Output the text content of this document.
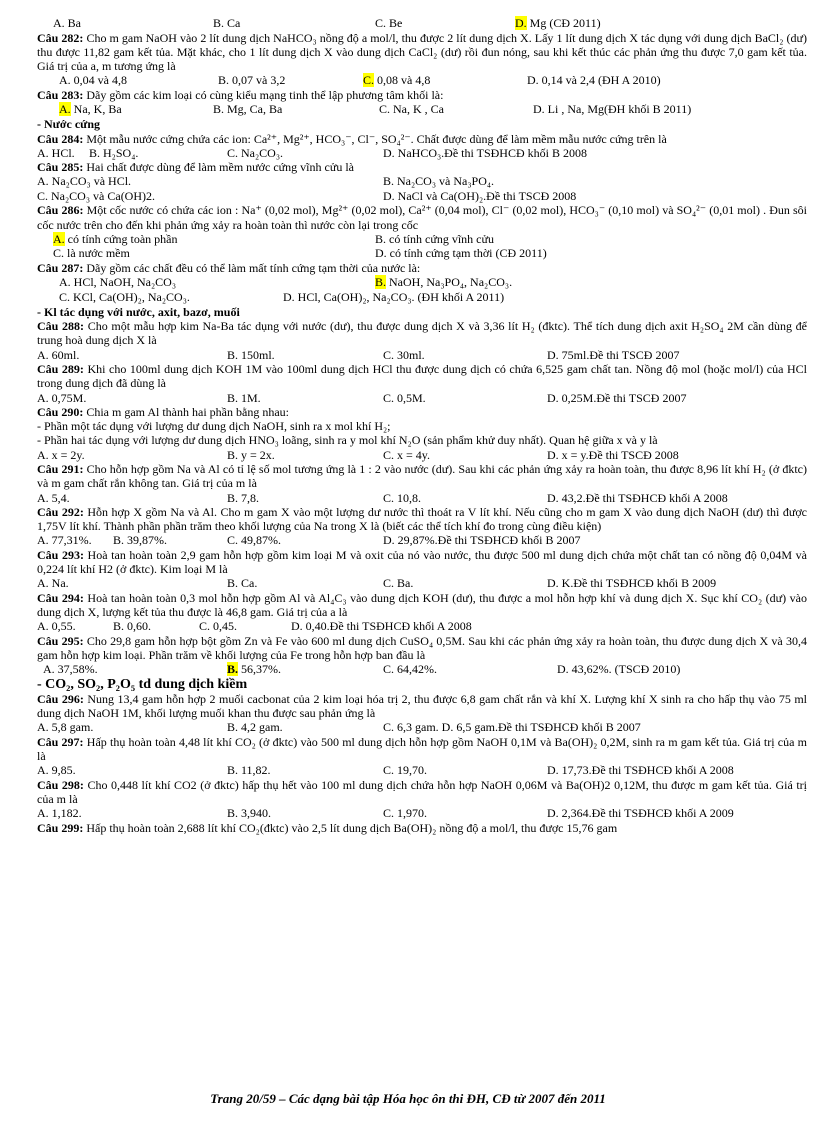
A. Ba	B. Ca	C. Be	D. Mg (CĐ 2011)

Câu 282: Cho m gam NaOH vào 2 lít dung dịch NaHCO₃ nồng độ a mol/l, thu được 2 lít dung dịch X. Lấy 1 lít dung dịch X tác dụng với dung dịch BaCl₂ (dư) thu được 11,82 gam kết tủa. Mặt khác, cho 1 lít dung dịch X vào dung dịch CaCl₂ (dư) rồi đun nóng, sau khi kết thúc các phản ứng thu được 7,0 gam kết tủa. Giá trị của a, m tương ứng là

A. 0,04 và 4,8	B. 0,07 và 3,2	C. 0,08 và 4,8	D. 0,14 và 2,4 (ĐH A 2010)

Câu 283: Dãy gồm các kim loại có cùng kiểu mạng tinh thể lập phương tâm khối là:

A. Na, K, Ba	B. Mg, Ca, Ba	C. Na, K , Ca	D. Li , Na, Mg(ĐH khối B 2011)
- Nước cứng

Câu 284: Một mẫu nước cứng chứa các ion: Ca²⁺, Mg²⁺, HCO₃⁻, Cl⁻, SO₄²⁻. Chất được dùng để làm mềm mẫu nước cứng trên là

A. HCl. B. H₂SO₄.	C. Na₂CO₃.	D. NaHCO₃.Đề thi TSĐHCĐ khối B 2008

Câu 285: Hai chất được dùng để làm mềm nước cứng vĩnh cửu là

A. Na₂CO₃ và HCl.	B. Na₂CO₃ và Na₃PO₄.
C. Na₂CO₃ và Ca(OH)2.	D. NaCl và Ca(OH)₂.Đề thi TSCĐ 2008

Câu 286: Một cốc nước có chứa các ion : Na⁺ (0,02 mol), Mg²⁺ (0,02 mol), Ca²⁺ (0,04 mol), Cl⁻ (0,02 mol), HCO₃⁻ (0,10 mol) và SO₄²⁻ (0,01 mol) . Đun sôi cốc nước trên cho đến khi phản ứng xảy ra hoàn toàn thì nước còn lại trong cốc

A. có tính cứng toàn phần	B. có tính cứng vĩnh cửu
C. là nước mềm	D. có tính cứng tạm thời (CĐ 2011)

Câu 287: Dãy gồm các chất đều có thể làm mất tính cứng tạm thời của nước là:

A. HCl, NaOH, Na₂CO₃	B. NaOH, Na₃PO₄, Na₂CO₃.
C. KCl, Ca(OH)₂, Na₂CO₃.	D. HCl, Ca(OH)₂, Na₂CO₃. (ĐH khối A 2011)
- Kl tác dụng với nước, axit, bazơ, muối

Câu 288: Cho một mẫu hợp kim Na-Ba tác dụng với nước (dư), thu được dung dịch X và 3,36 lít H₂ (đktc). Thể tích dung dịch axit H₂SO₄ 2M cần dùng để trung hoà dung dịch X là

A. 60ml.	B. 150ml.	C. 30ml.	D. 75ml.Đề thi TSCĐ 2007

Câu 289: Khi cho 100ml dung dịch KOH 1M vào 100ml dung dịch HCl thu được dung dịch có chứa 6,525 gam chất tan. Nồng độ mol (hoặc mol/l) của HCl trong dung dịch đã dùng là

A. 0,75M.	B. 1M.	C. 0,5M.	D. 0,25M.Đề thi TSCĐ 2007

Câu 290: Chia m gam Al thành hai phần bằng nhau:

- Phần một tác dụng với lượng dư dung dịch NaOH, sinh ra x mol khí H₂;

- Phần hai tác dụng với lượng dư dung dịch HNO₃ loãng, sinh ra y mol khí N₂O (sản phẩm khử duy nhất). Quan hệ giữa x và y là

A. x = 2y.	B. y = 2x.	C. x = 4y.	D. x = y.Đề thi TSCĐ 2008

Câu 291: Cho hỗn hợp gồm Na và Al có tỉ lệ số mol tương ứng là 1 : 2 vào nước (dư). Sau khi các phản ứng xảy ra hoàn toàn, thu được 8,96 lít khí H₂ (ở đktc) và m gam chất rắn không tan. Giá trị của m là

A. 5,4.	B. 7,8.	C. 10,8.	D. 43,2.Đề thi TSĐHCĐ khối A 2008

Câu 292: Hỗn hợp X gồm Na và Al. Cho m gam X vào một lượng dư nước thì thoát ra V lít khí. Nếu cũng cho m gam X vào dung dịch NaOH (dư) thì được 1,75V lít khí. Thành phần phần trăm theo khối lượng của Na trong X là (biết các thể tích khí đo trong cùng điều kiện)

A. 77,31%. B. 39,87%.	C. 49,87%.	D. 29,87%.Đề thi TSĐHCĐ khối B 2007

Câu 293: Hoà tan hoàn toàn 2,9 gam hỗn hợp gồm kim loại M và oxit của nó vào nước, thu được 500 ml dung dịch chứa một chất tan có nồng độ 0,04M và 0,224 lít khí H2 (ở đktc). Kim loại M là

A. Na.	B. Ca.	C. Ba.	D. K.Đề thi TSĐHCĐ khối B 2009

Câu 294: Hoà tan hoàn toàn 0,3 mol hỗn hợp gồm Al và Al₄C₃ vào dung dịch KOH (dư), thu được a mol hỗn hợp khí và dung dịch X. Sục khí CO₂ (dư) vào dung dịch X, lượng kết tủa thu được là 46,8 gam. Giá trị của a là

A. 0,55.	B. 0,60.	C. 0,45.	D. 0,40.Đề thi TSĐHCĐ khối A 2008

Câu 295: Cho 29,8 gam hỗn hợp bột gồm Zn và Fe vào 600 ml dung dịch CuSO₄ 0,5M. Sau khi các phản ứng xảy ra hoàn toàn, thu được dung dịch X và 30,4 gam hỗn hợp kim loại. Phần trăm về khối lượng của Fe trong hỗn hợp ban đầu là

A. 37,58%.	B. 56,37%.	C. 64,42%.	D. 43,62%. (TSCĐ 2010)
- CO₂, SO₂, P₂O₅ td dung dịch kiềm

Câu 296: Nung 13,4 gam hỗn hợp 2 muối cacbonat của 2 kim loại hóa trị 2, thu được 6,8 gam chất rắn và khí X. Lượng khí X sinh ra cho hấp thụ vào 75 ml dung dịch NaOH 1M, khối lượng muối khan thu được sau phản ứng là

A. 5,8 gam.	B. 4,2 gam.	C. 6,3 gam. D. 6,5 gam.Đề thi TSĐHCĐ khối B 2007

Câu 297: Hấp thụ hoàn toàn 4,48 lít khí CO₂ (ở đktc) vào 500 ml dung dịch hỗn hợp gồm NaOH 0,1M và Ba(OH)₂ 0,2M, sinh ra m gam kết tủa. Giá trị của m là

A. 9,85.	B. 11,82.	C. 19,70.	D. 17,73.Đề thi TSĐHCĐ khối A 2008

Câu 298: Cho 0,448 lít khí CO2 (ở đktc) hấp thụ hết vào 100 ml dung dịch chứa hỗn hợp NaOH 0,06M và Ba(OH)2 0,12M, thu được m gam kết tủa. Giá trị của m là

A. 1,182.	B. 3,940.	C. 1,970.	D. 2,364.Đề thi TSĐHCĐ khối A 2009

Câu 299: Hấp thụ hoàn toàn 2,688 lít khí CO₂(đktc) vào 2,5 lít dung dịch Ba(OH)₂ nồng độ a mol/l, thu được 15,76 gam

Trang 20/59 – Các dạng bài tập Hóa học ôn thi ĐH, CĐ từ 2007 đến 2011
